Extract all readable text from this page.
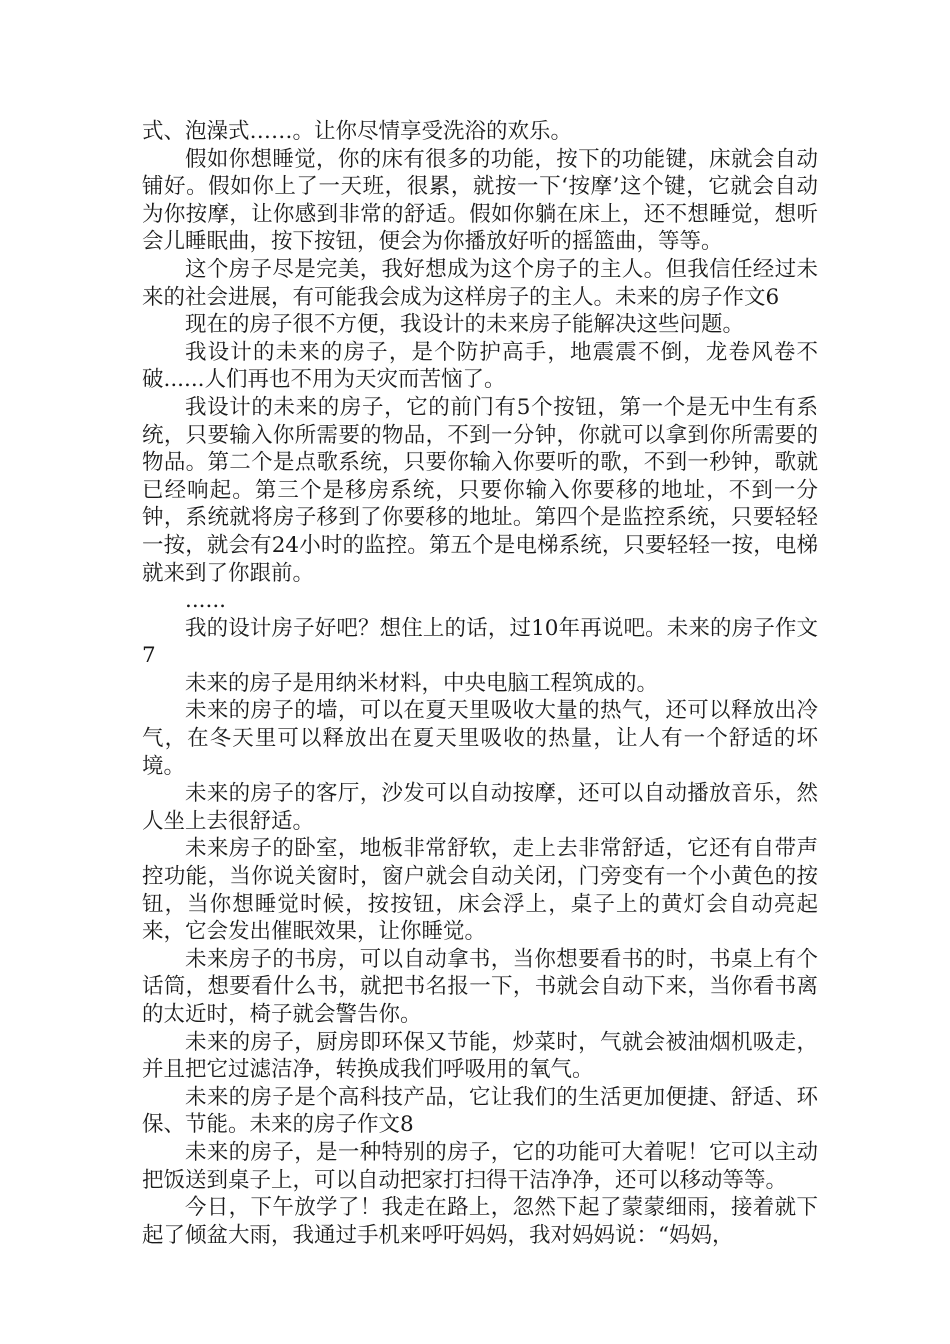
式、泡澡式……。让你尽情享受洗浴的欢乐。

假如你想睡觉，你的床有很多的功能，按下的功能键，床就会自动铺好。假如你上了一天班，很累，就按一下‘按摩’这个键，它就会自动为你按摩，让你感到非常的舒适。假如你躺在床上，还不想睡觉，想听会儿睡眠曲，按下按钮，便会为你播放好听的摇篮曲，等等。

这个房子尽是完美，我好想成为这个房子的主人。但我信任经过未来的社会进展，有可能我会成为这样房子的主人。未来的房子作文6

现在的房子很不方便，我设计的未来房子能解决这些问题。

我设计的未来的房子，是个防护高手，地震震不倒，龙卷风卷不破......人们再也不用为天灾而苦恼了。

我设计的未来的房子，它的前门有5个按钮，第一个是无中生有系统，只要输入你所需要的物品，不到一分钟，你就可以拿到你所需要的物品。第二个是点歌系统，只要你输入你要听的歌，不到一秒钟，歌就已经响起。第三个是移房系统，只要你输入你要移的地址，不到一分钟，系统就将房子移到了你要移的地址。第四个是监控系统，只要轻轻一按，就会有24小时的监控。第五个是电梯系统，只要轻轻一按，电梯就来到了你跟前。

......

我的设计房子好吧？想住上的话，过10年再说吧。未来的房子作文7

未来的房子是用纳米材料，中央电脑工程筑成的。

未来的房子的墙，可以在夏天里吸收大量的热气，还可以释放出冷气，在冬天里可以释放出在夏天里吸收的热量，让人有一个舒适的坏境。

未来的房子的客厅，沙发可以自动按摩，还可以自动播放音乐，然人坐上去很舒适。

未来房子的卧室，地板非常舒软，走上去非常舒适，它还有自带声控功能，当你说关窗时，窗户就会自动关闭，门旁变有一个小黄色的按钮，当你想睡觉时候，按按钮，床会浮上，桌子上的黄灯会自动亮起来，它会发出催眠效果，让你睡觉。

未来房子的书房，可以自动拿书，当你想要看书的时，书桌上有个话筒，想要看什么书，就把书名报一下，书就会自动下来，当你看书离的太近时，椅子就会警告你。

未来的房子，厨房即环保又节能，炒菜时，气就会被油烟机吸走，并且把它过滤洁净，转换成我们呼吸用的氧气。

未来的房子是个高科技产品，它让我们的生活更加便捷、舒适、环保、节能。未来的房子作文8

未来的房子，是一种特别的房子，它的功能可大着呢！它可以主动把饭送到桌子上，可以自动把家打扫得干洁净净，还可以移动等等。

今日，下午放学了！我走在路上，忽然下起了蒙蒙细雨，接着就下起了倾盆大雨，我通过手机来呼吁妈妈，我对妈妈说：“妈妈，
